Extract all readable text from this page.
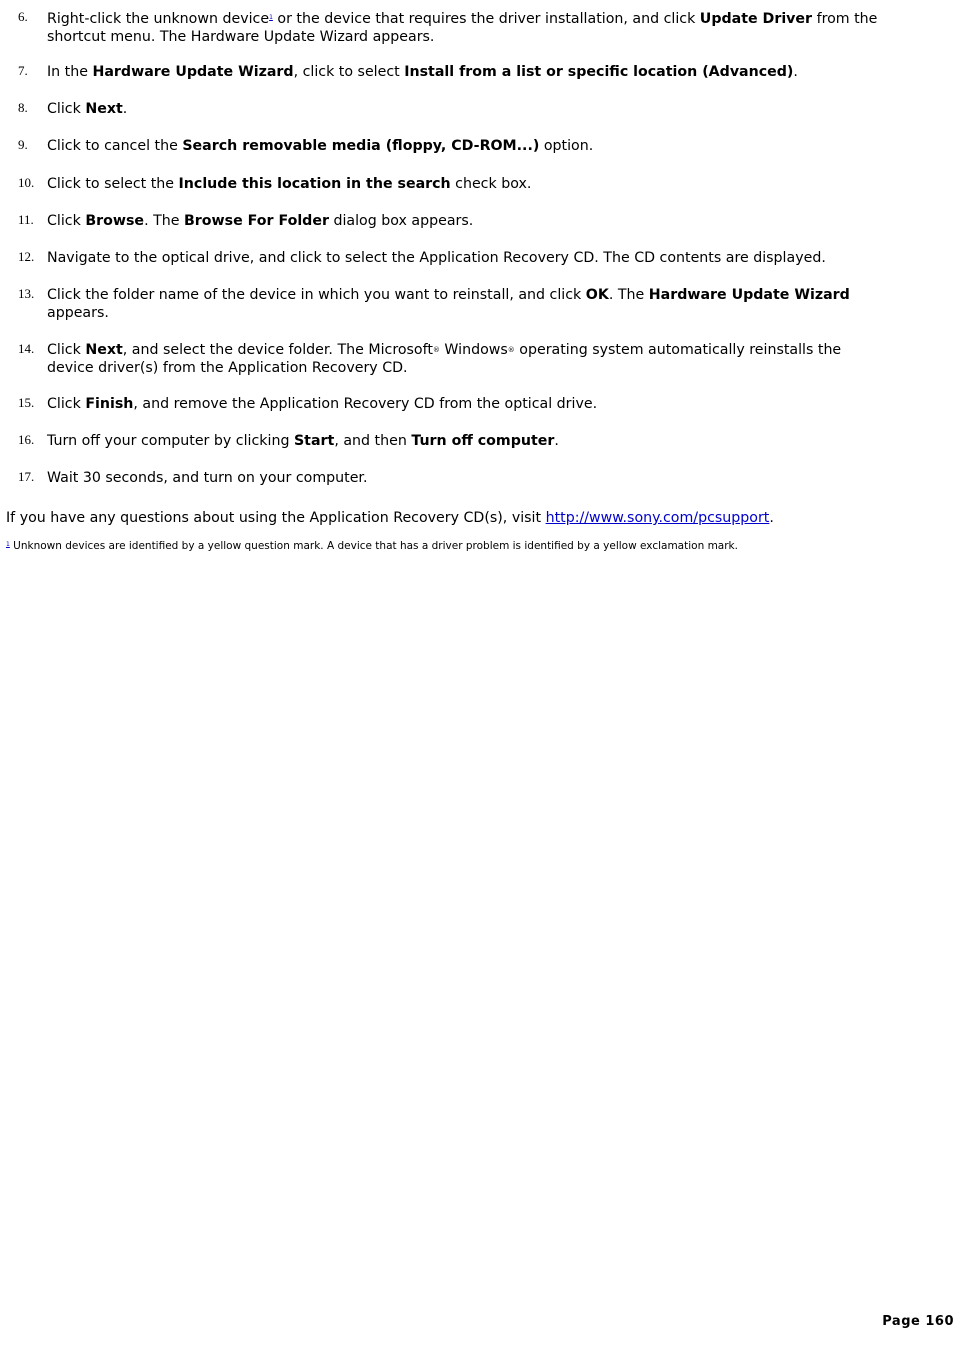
6. Right-click the unknown device$^1$ or the device that requires the driver installation, and click Update Driver from the shortcut menu. The Hardware Update Wizard appears.
7. In the Hardware Update Wizard, click to select Install from a list or specific location (Advanced).
8. Click Next.
9. Click to cancel the Search removable media (floppy, CD-ROM...) option.
10. Click to select the Include this location in the search check box.
11. Click Browse. The Browse For Folder dialog box appears.
12. Navigate to the optical drive, and click to select the Application Recovery CD. The CD contents are displayed.
13. Click the folder name of the device in which you want to reinstall, and click OK. The Hardware Update Wizard appears.
14. Click Next, and select the device folder. The Microsoft® Windows® operating system automatically reinstalls the device driver(s) from the Application Recovery CD.
15. Click Finish, and remove the Application Recovery CD from the optical drive.
16. Turn off your computer by clicking Start, and then Turn off computer.
17. Wait 30 seconds, and turn on your computer.
If you have any questions about using the Application Recovery CD(s), visit http://www.sony.com/pcsupport.
$^1$ Unknown devices are identified by a yellow question mark. A device that has a driver problem is identified by a yellow exclamation mark.
Page 160
